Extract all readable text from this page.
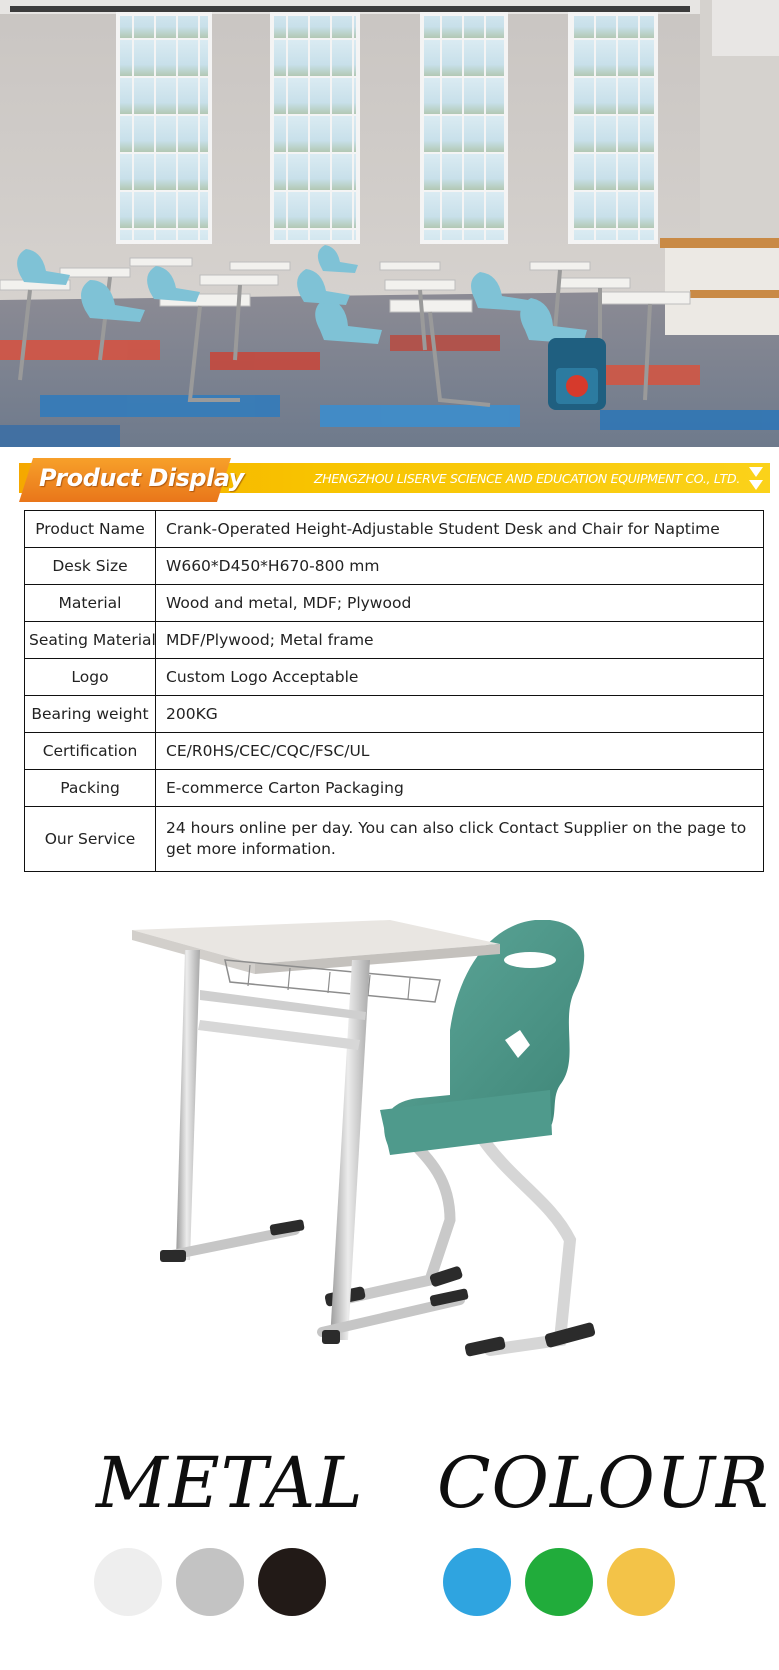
Product Display	ZHENGZHOU LISERVE SCIENCE AND EDUCATION EQUIPMENT CO., LTD.
Product Name	Crank-Operated Height-Adjustable Student Desk and Chair for Naptime
Desk Size	W660*D450*H670-800 mm
Material	Wood and metal, MDF; Plywood
Seating Material	MDF/Plywood; Metal frame
Logo	Custom Logo Acceptable
Bearing weight	200KG
Certification	CE/R0HS/CEC/CQC/FSC/UL
Packing	E-commerce Carton Packaging
Our Service	24 hours online per day. You can also click Contact Supplier on the page to get more information.
METAL COLOUR
